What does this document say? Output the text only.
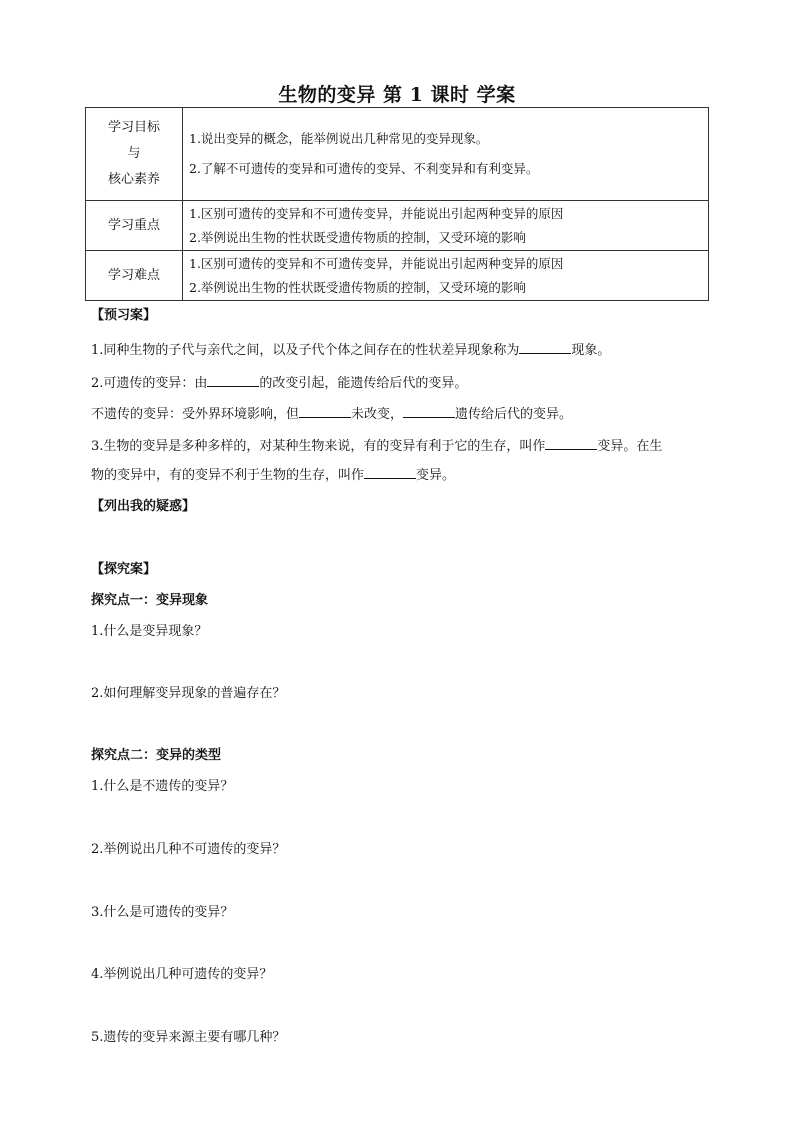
生物的变异 第 1 课时 学案
学习目标
与
核心素养	1.说出变异的概念，能举例说出几种常见的变异现象。
2.了解不可遗传的变异和可遗传的变异、不利变异和有利变异。

学习重点	1.区别可遗传的变异和不可遗传变异，并能说出引起两种变异的原因
2.举例说出生物的性状既受遗传物质的控制，又受环境的影响

学习难点	1.区别可遗传的变异和不可遗传变异，并能说出引起两种变异的原因
2.举例说出生物的性状既受遗传物质的控制，又受环境的影响
【预习案】
1.同种生物的子代与亲代之间，以及子代个体之间存在的性状差异现象称为	现象。
2.可遗传的变异：由	的改变引起，能遗传给后代的变异。
不遗传的变异：受外界环境影响，但	未改变，	遗传给后代的变异。
3.生物的变异是多种多样的，对某种生物来说，有的变异有利于它的生存，叫作	变异。在生
物的变异中，有的变异不利于生物的生存，叫作	变异。
【列出我的疑惑】
【探究案】
探究点一：变异现象
1.什么是变异现象？
2.如何理解变异现象的普遍存在？
探究点二：变异的类型
1.什么是不遗传的变异？
2.举例说出几种不可遗传的变异？
3.什么是可遗传的变异？
4.举例说出几种可遗传的变异？
5.遗传的变异来源主要有哪几种？
